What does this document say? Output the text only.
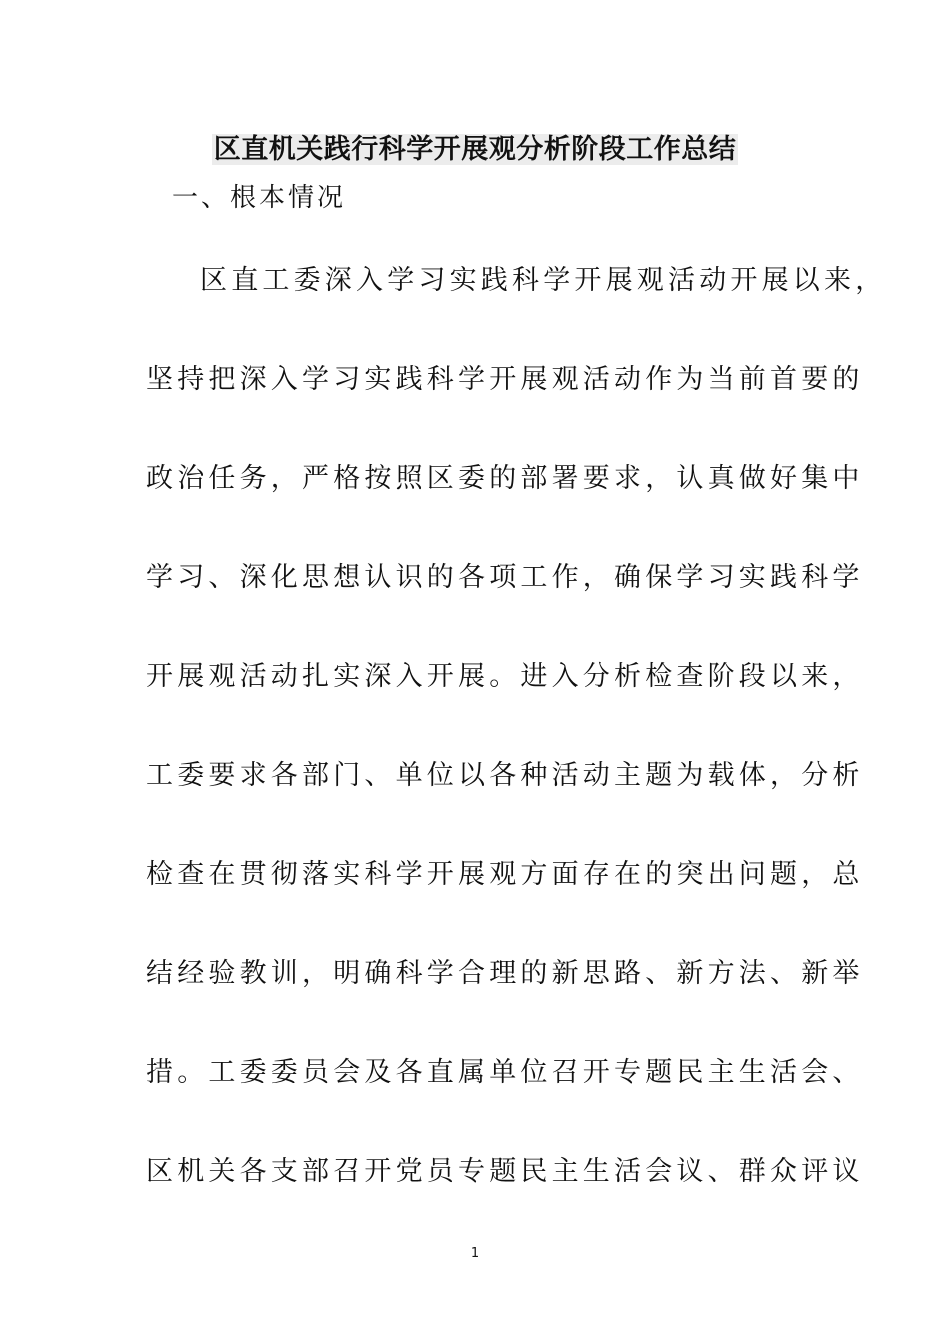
区直机关践行科学开展观分析阶段工作总结
一、根本情况
区直工委深入学习实践科学开展观活动开展以来，
坚持把深入学习实践科学开展观活动作为当前首要的
政治任务，严格按照区委的部署要求，认真做好集中
学习、深化思想认识的各项工作，确保学习实践科学
开展观活动扎实深入开展。进入分析检查阶段以来，
工委要求各部门、单位以各种活动主题为载体，分析
检查在贯彻落实科学开展观方面存在的突出问题，总
结经验教训，明确科学合理的新思路、新方法、新举
措。工委委员会及各直属单位召开专题民主生活会、
区机关各支部召开党员专题民主生活会议、群众评议
1
